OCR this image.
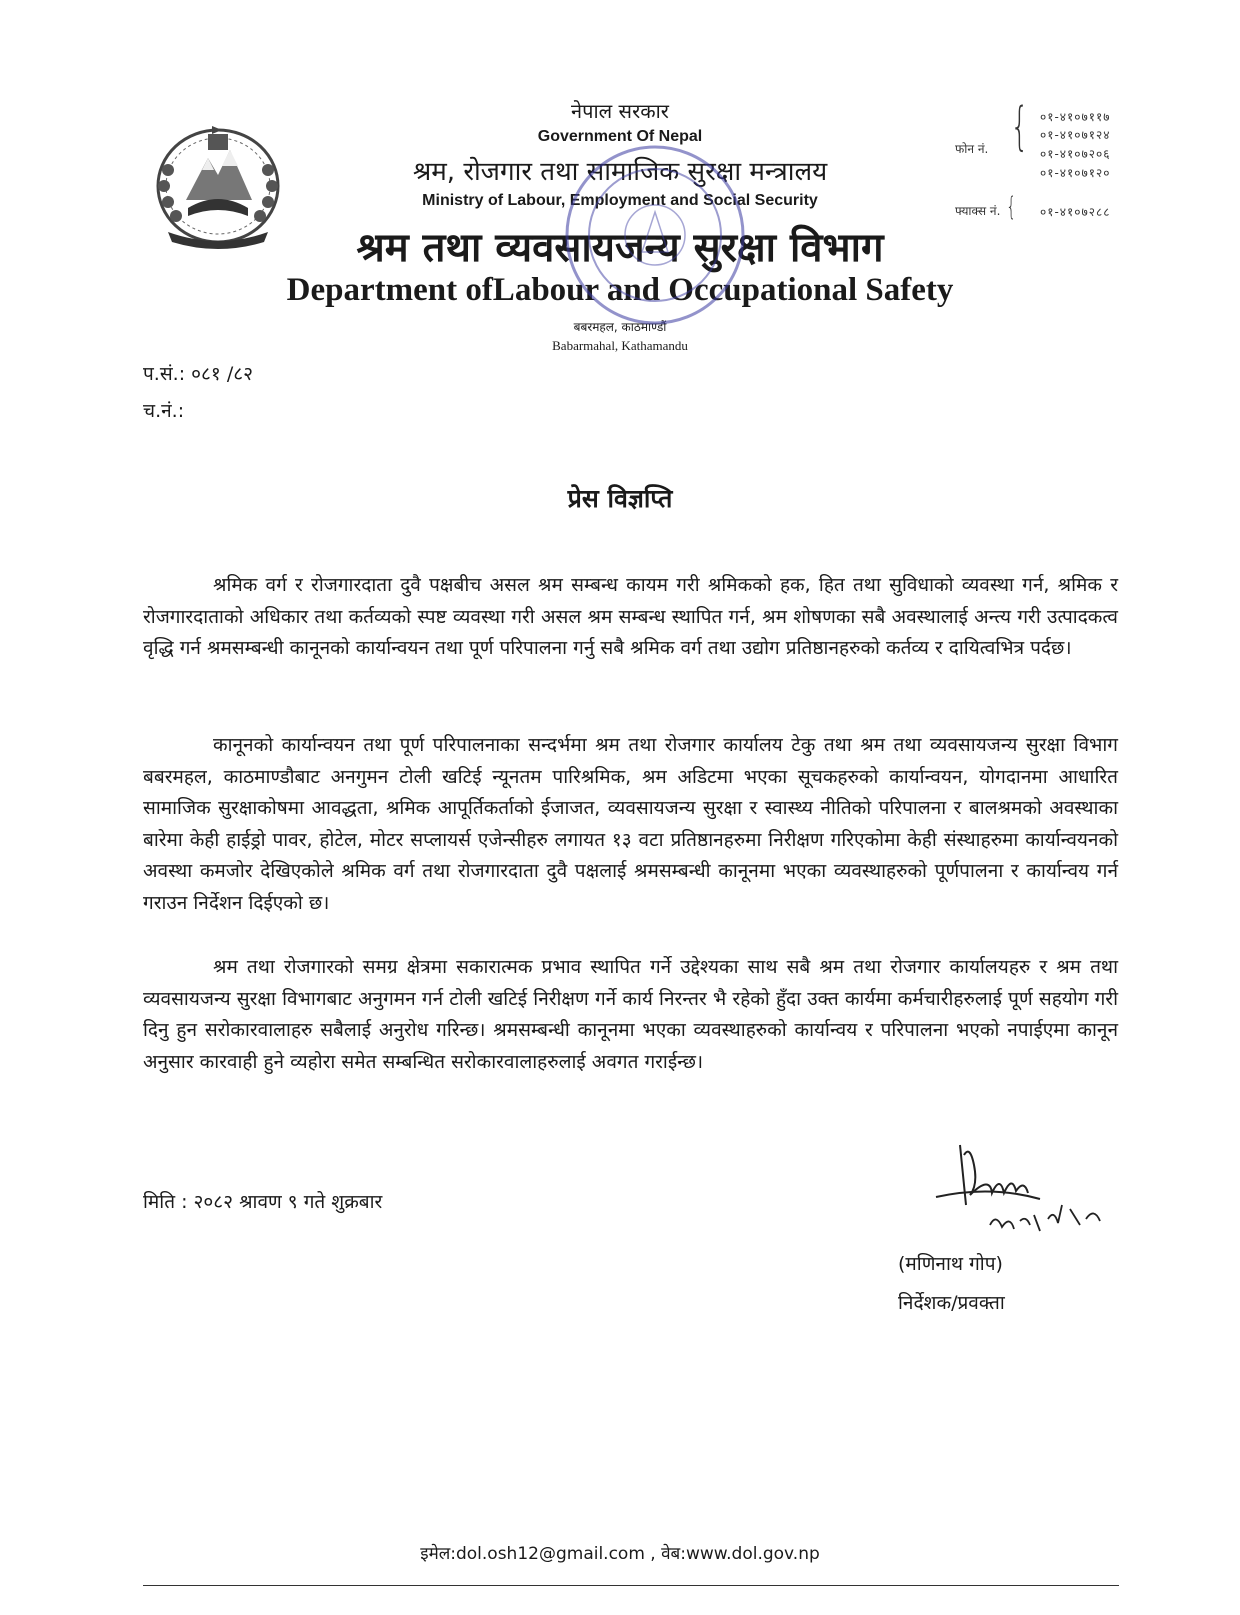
नेपाल सरकार
Government Of Nepal
श्रम, रोजगार तथा सामाजिक सुरक्षा मन्त्रालय
Ministry of Labour, Employment and Social Security
श्रम तथा व्यवसायजन्य सुरक्षा विभाग
Department ofLabour and Occupational Safety
बबरमहल, काठमाण्डौं
Babarmahal, Kathamandu
फोन नं. { ०१-४१०७११७
०१-४१०७१२४
०१-४१०७२०६
०१-४१०७१२०
फ्याक्स नं. { ०१-४१०७२८८
प.सं.: ०८१ /८२
च.नं.:
प्रेस विज्ञप्ति
श्रमिक वर्ग र रोजगारदाता दुवै पक्षबीच असल श्रम सम्बन्ध कायम गरी श्रमिकको हक, हित तथा सुविधाको व्यवस्था गर्न, श्रमिक र रोजगारदाताको अधिकार तथा कर्तव्यको स्पष्ट व्यवस्था गरी असल श्रम सम्बन्ध स्थापित गर्न, श्रम शोषणका सबै अवस्थालाई अन्त्य गरी उत्पादकत्व वृद्धि गर्न श्रमसम्बन्धी कानूनको कार्यान्वयन तथा पूर्ण परिपालना गर्नु सबै श्रमिक वर्ग तथा उद्योग प्रतिष्ठानहरुको कर्तव्य र दायित्वभित्र पर्दछ।
कानूनको कार्यान्वयन तथा पूर्ण परिपालनाका सन्दर्भमा श्रम तथा रोजगार कार्यालय टेकु तथा श्रम तथा व्यवसायजन्य सुरक्षा विभाग बबरमहल, काठमाण्डौबाट अनगुमन टोली खटिई न्यूनतम पारिश्रमिक, श्रम अडिटमा भएका सूचकहरुको कार्यान्वयन, योगदानमा आधारित सामाजिक सुरक्षाकोषमा आवद्धता, श्रमिक आपूर्तिकर्ताको ईजाजत, व्यवसायजन्य सुरक्षा र स्वास्थ्य नीतिको परिपालना र बालश्रमको अवस्थाका बारेमा केही हाईड्रो पावर, होटेल, मोटर सप्लायर्स एजेन्सीहरु लगायत १३ वटा प्रतिष्ठानहरुमा निरीक्षण गरिएकोमा केही संस्थाहरुमा कार्यान्वयनको अवस्था कमजोर देखिएकोले श्रमिक वर्ग तथा रोजगारदाता दुवै पक्षलाई श्रमसम्बन्धी कानूनमा भएका व्यवस्थाहरुको पूर्णपालना र कार्यान्वय गर्न गराउन निर्देशन दिईएको छ।
श्रम तथा रोजगारको समग्र क्षेत्रमा सकारात्मक प्रभाव स्थापित गर्ने उद्देश्यका साथ सबै श्रम तथा रोजगार कार्यालयहरु र श्रम तथा व्यवसायजन्य सुरक्षा विभागबाट अनुगमन गर्न टोली खटिई निरीक्षण गर्ने कार्य निरन्तर भै रहेको हुँदा उक्त कार्यमा कर्मचारीहरुलाई पूर्ण सहयोग गरी दिनु हुन सरोकारवालाहरु सबैलाई अनुरोध गरिन्छ। श्रमसम्बन्धी कानूनमा भएका व्यवस्थाहरुको कार्यान्वय र परिपालना भएको नपाईएमा कानून अनुसार कारवाही हुने व्यहोरा समेत सम्बन्धित सरोकारवालाहरुलाई अवगत गराईन्छ।
मिति : २०८२ श्रावण ९ गते शुक्रबार
(मणिनाथ गोप)
निर्देशक/प्रवक्ता
इमेल:dol.osh12@gmail.com , वेब:www.dol.gov.np
